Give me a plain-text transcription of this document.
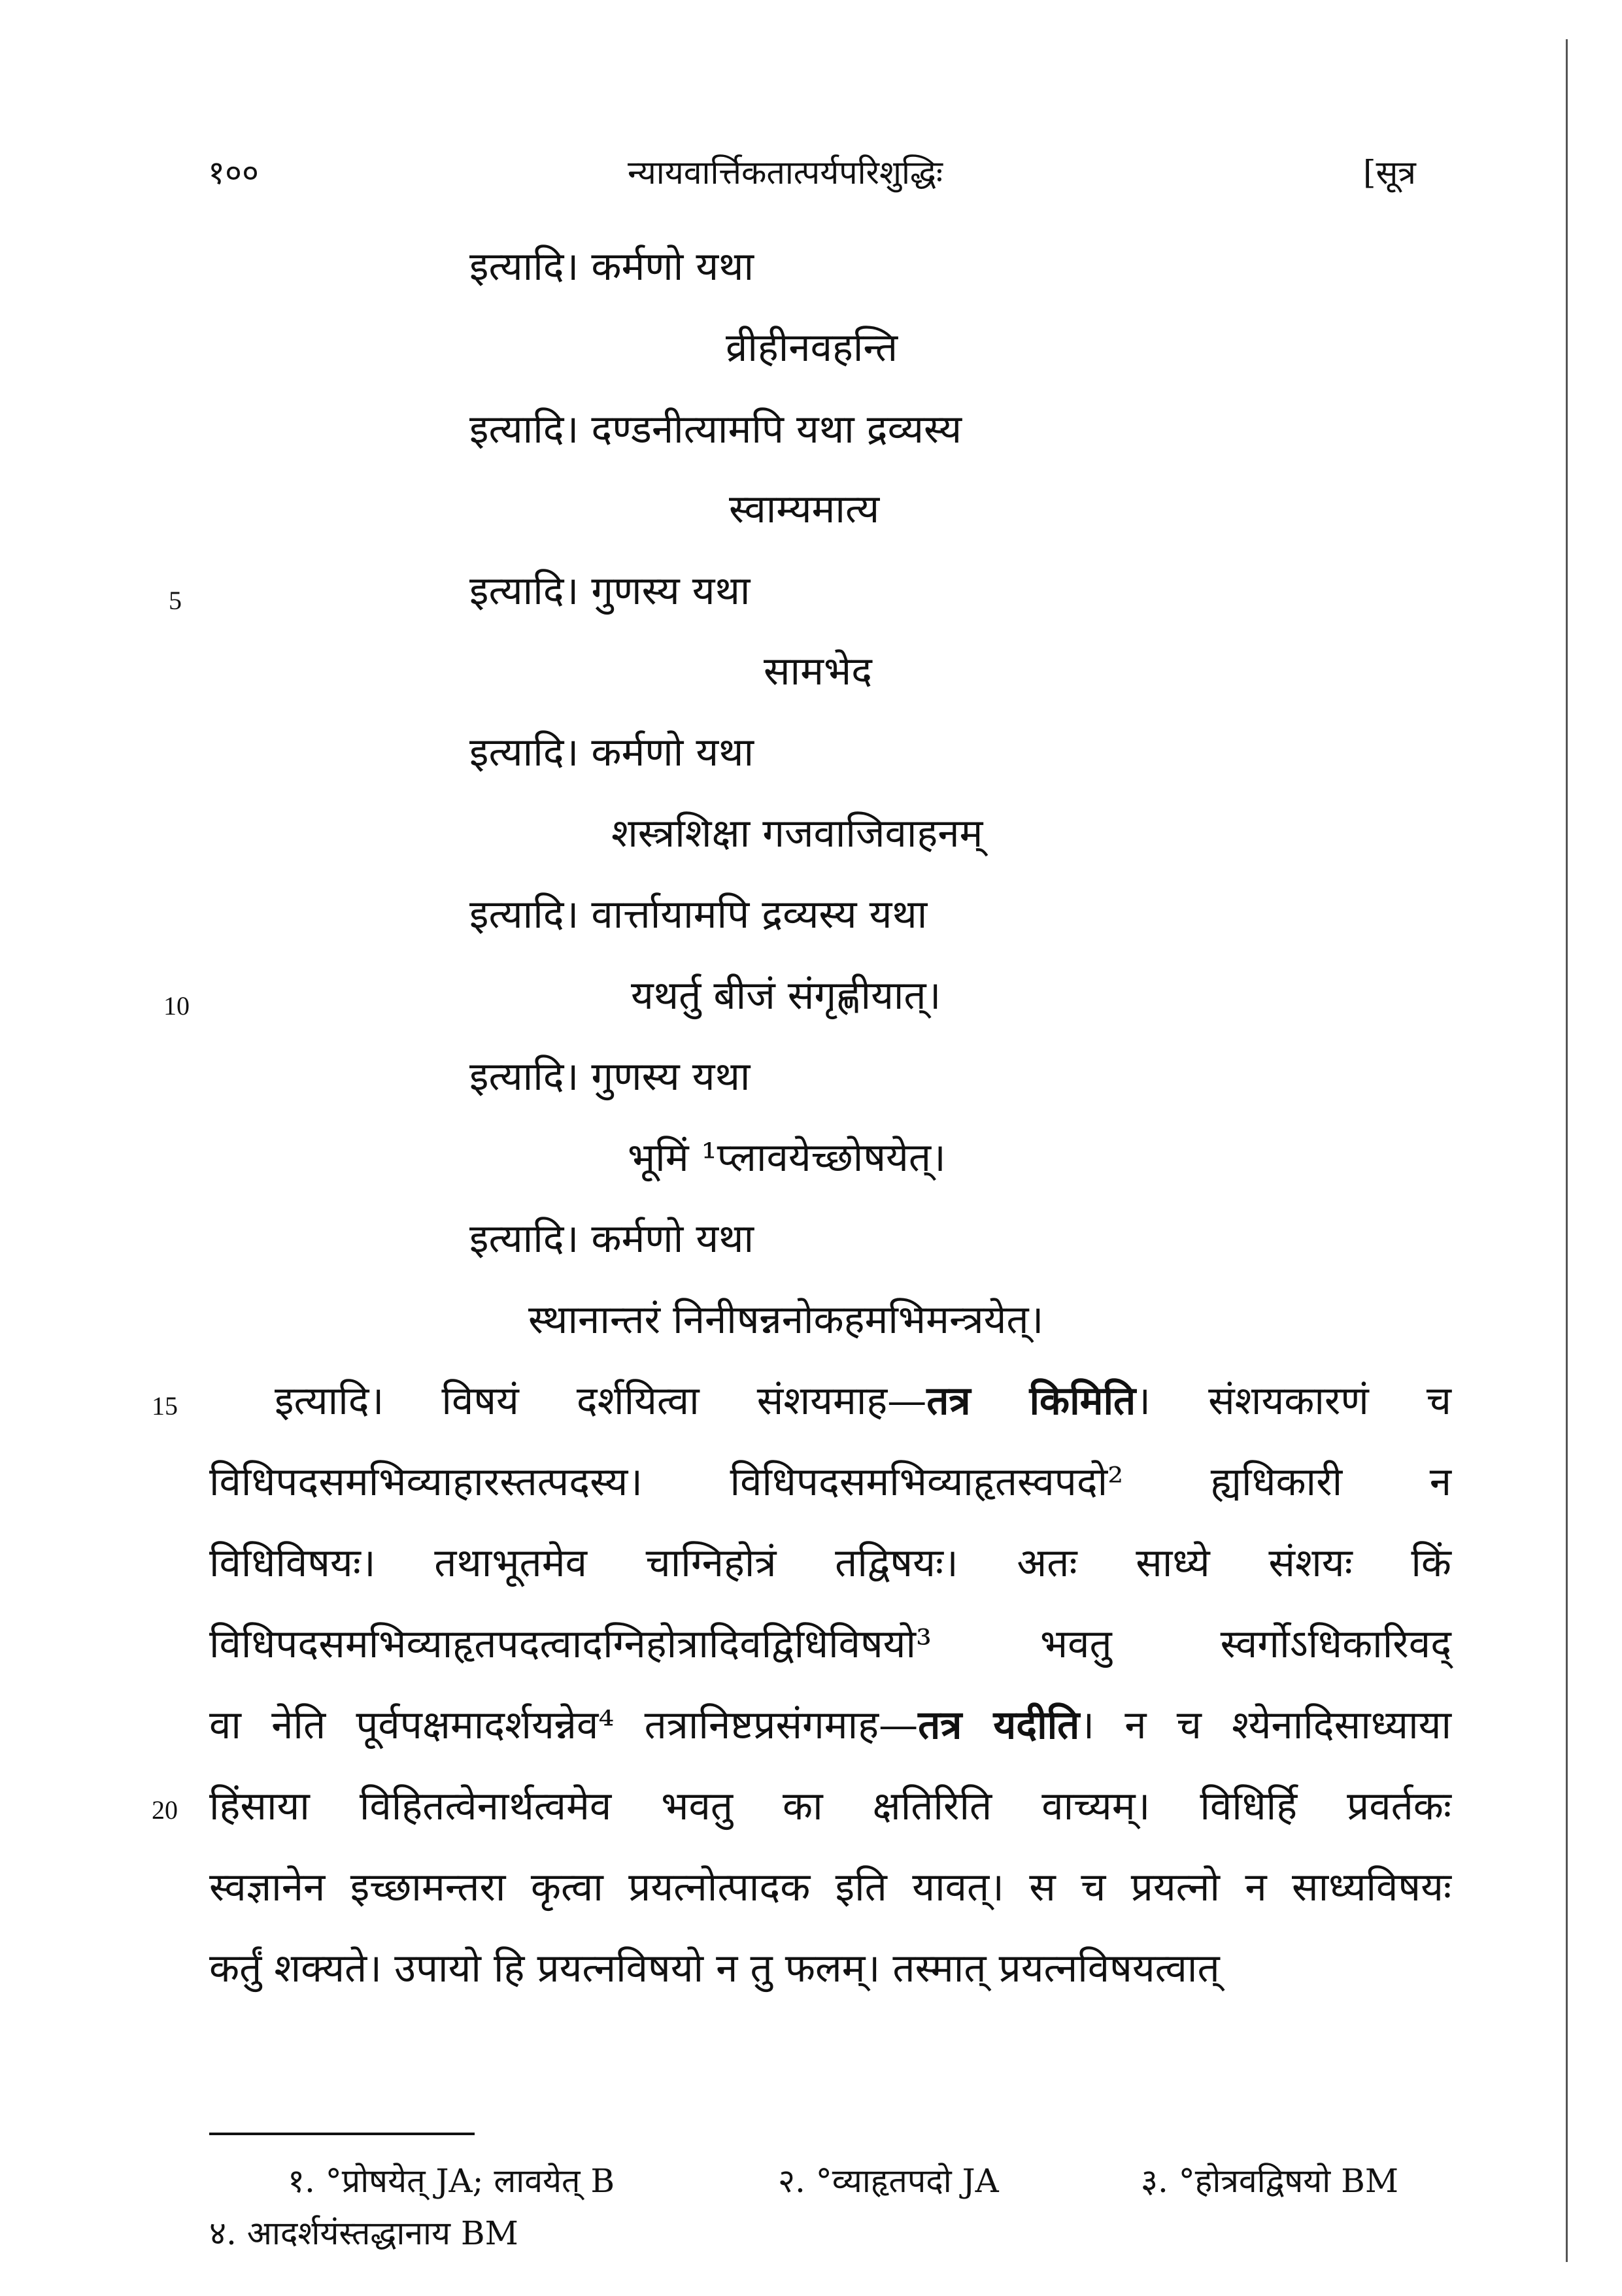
१००	न्यायवार्त्तिकतात्पर्यपरिशुद्धिः	[सूत्र
5
10
15
20
इत्यादि। कर्मणो यथा
व्रीहीनवहन्ति
इत्यादि। दण्डनीत्यामपि यथा द्रव्यस्य
स्वाम्यमात्य
इत्यादि। गुणस्य यथा
सामभेद
इत्यादि। कर्मणो यथा
शस्त्रशिक्षा गजवाजिवाहनम्
इत्यादि। वार्त्तायामपि द्रव्यस्य यथा
यथर्तु बीजं संगृह्णीयात्।
इत्यादि। गुणस्य यथा
भूमिं ¹प्लावयेच्छोषयेत्।
इत्यादि। कर्मणो यथा
स्थानान्तरं निनीषन्ननोकहमभिमन्त्रयेत्।
इत्यादि। विषयं दर्शयित्वा संशयमाह—तत्र किमिति। संशयकारणं च
विधिपदसमभिव्याहारस्तत्पदस्य। विधिपदसमभिव्याहृतस्वपदो² ह्यधिकारी न
विधिविषयः। तथाभूतमेव चाग्निहोत्रं तद्विषयः। अतः साध्ये संशयः किं
विधिपदसमभिव्याहृतपदत्वादग्निहोत्रादिवद्विधिविषयो³ भवतु स्वर्गोऽधिकारिवद्
वा नेति पूर्वपक्षमादर्शयन्नेव⁴ तत्रानिष्टप्रसंगमाह—तत्र यदीति। न च श्येनादिसाध्याया
हिंसाया विहितत्वेनार्थत्वमेव भवतु का क्षतिरिति वाच्यम्। विधिर्हि प्रवर्तकः
स्वज्ञानेन इच्छामन्तरा कृत्वा प्रयत्नोत्पादक इति यावत्। स च प्रयत्नो न साध्यविषयः
कर्तुं शक्यते। उपायो हि प्रयत्नविषयो न तु फलम्। तस्मात् प्रयत्नविषयत्वात्
१. °प्रोषयेत् JA; लावयेत् B	२. °व्याहृतपदो JA	३. °होत्रवद्विषयो BM
४. आदर्शयंस्तद्धानाय BM
